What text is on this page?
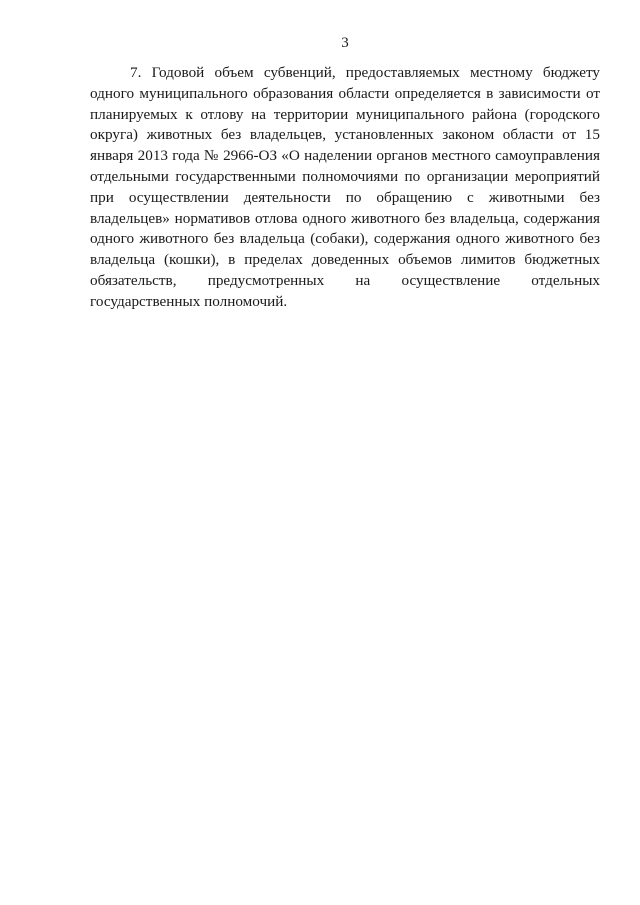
3
7. Годовой объем субвенций, предоставляемых местному бюджету
одного муниципального образования области определяется в зависимости от
планируемых к отлову на территории муниципального района (городского
округа) животных без владельцев, установленных законом области от 15
января 2013 года № 2966-ОЗ «О наделении органов местного самоуправления
отдельными государственными полномочиями по организации мероприятий
при осуществлении деятельности по обращению с животными без
владельцев» нормативов отлова одного животного без владельца, содержания
одного животного без владельца (собаки), содержания одного животного без
владельца (кошки), в пределах доведенных объемов лимитов бюджетных
обязательств, предусмотренных на осуществление отдельных
государственных полномочий.
